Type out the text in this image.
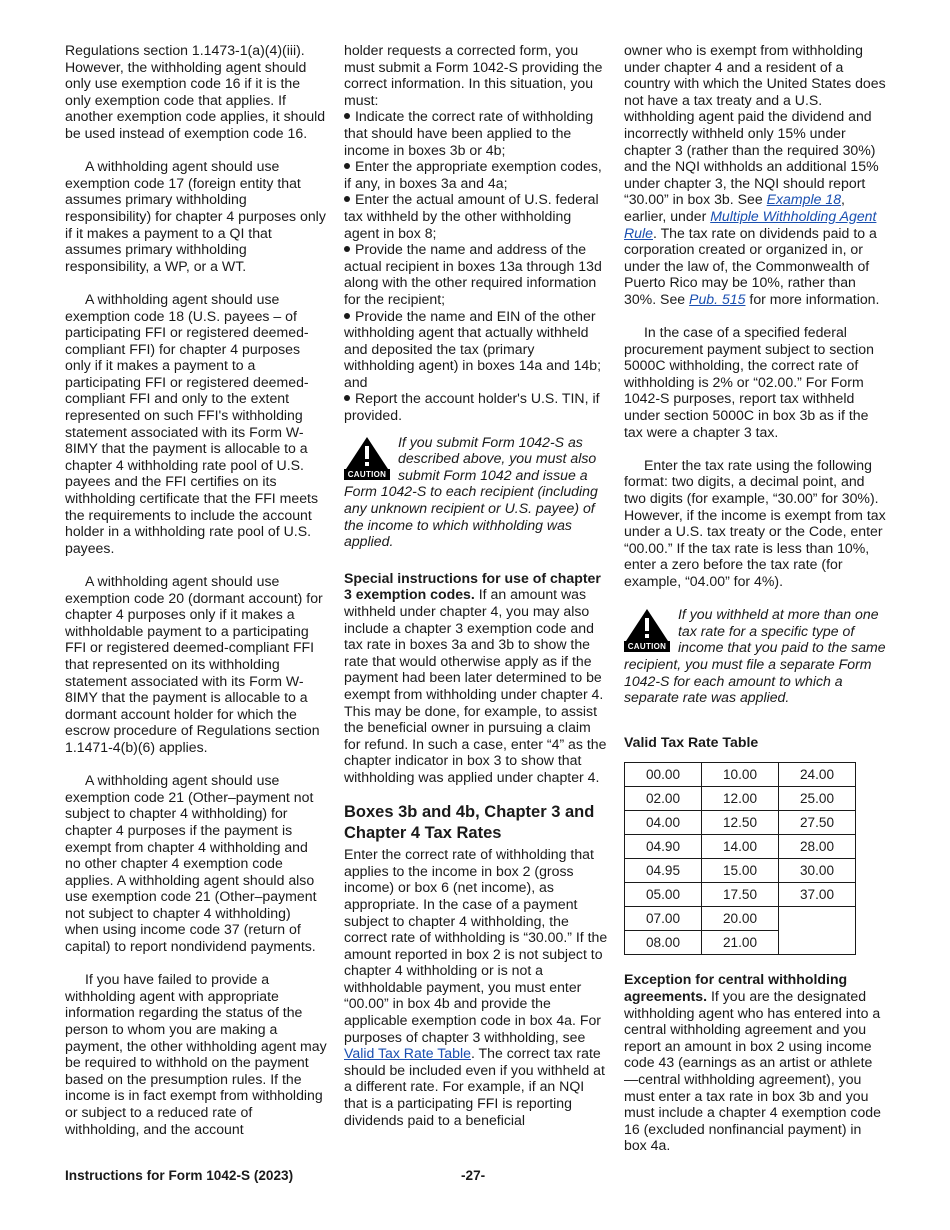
Regulations section 1.1473-1(a)(4)(iii). However, the withholding agent should only use exemption code 16 if it is the only exemption code that applies. If another exemption code applies, it should be used instead of exemption code 16.

A withholding agent should use exemption code 17 (foreign entity that assumes primary withholding responsibility) for chapter 4 purposes only if it makes a payment to a QI that assumes primary withholding responsibility, a WP, or a WT.

A withholding agent should use exemption code 18 (U.S. payees – of participating FFI or registered deemed-compliant FFI) for chapter 4 purposes only if it makes a payment to a participating FFI or registered deemed-compliant FFI and only to the extent represented on such FFI's withholding statement associated with its Form W-8IMY that the payment is allocable to a chapter 4 withholding rate pool of U.S. payees and the FFI certifies on its withholding certificate that the FFI meets the requirements to include the account holder in a withholding rate pool of U.S. payees.

A withholding agent should use exemption code 20 (dormant account) for chapter 4 purposes only if it makes a withholdable payment to a participating FFI or registered deemed-compliant FFI that represented on its withholding statement associated with its Form W-8IMY that the payment is allocable to a dormant account holder for which the escrow procedure of Regulations section 1.1471-4(b)(6) applies.

A withholding agent should use exemption code 21 (Other–payment not subject to chapter 4 withholding) for chapter 4 purposes if the payment is exempt from chapter 4 withholding and no other chapter 4 exemption code applies. A withholding agent should also use exemption code 21 (Other–payment not subject to chapter 4 withholding) when using income code 37 (return of capital) to report nondividend payments.

If you have failed to provide a withholding agent with appropriate information regarding the status of the person to whom you are making a payment, the other withholding agent may be required to withhold on the payment based on the presumption rules. If the income is in fact exempt from withholding or subject to a reduced rate of withholding, and the account

holder requests a corrected form, you must submit a Form 1042-S providing the correct information. In this situation, you must:

Indicate the correct rate of withholding that should have been applied to the income in boxes 3b or 4b;
Enter the appropriate exemption codes, if any, in boxes 3a and 4a;
Enter the actual amount of U.S. federal tax withheld by the other withholding agent in box 8;
Provide the name and address of the actual recipient in boxes 13a through 13d along with the other required information for the recipient;
Provide the name and EIN of the other withholding agent that actually withheld and deposited the tax (primary withholding agent) in boxes 14a and 14b; and
Report the account holder's U.S. TIN, if provided.
CAUTION
If you submit Form 1042-S as described above, you must also submit Form 1042 and issue a Form 1042-S to each recipient (including any unknown recipient or U.S. payee) of the income to which withholding was applied.

Special instructions for use of chapter 3 exemption codes. If an amount was withheld under chapter 4, you may also include a chapter 3 exemption code and tax rate in boxes 3a and 3b to show the rate that would otherwise apply as if the payment had been later determined to be exempt from withholding under chapter 4. This may be done, for example, to assist the beneficial owner in pursuing a claim for refund. In such a case, enter “4” as the chapter indicator in box 3 to show that withholding was applied under chapter 4.

Boxes 3b and 4b, Chapter 3 and Chapter 4 Tax Rates

Enter the correct rate of withholding that applies to the income in box 2 (gross income) or box 6 (net income), as appropriate. In the case of a payment subject to chapter 4 withholding, the correct rate of withholding is “30.00.” If the amount reported in box 2 is not subject to chapter 4 withholding or is not a withholdable payment, you must enter “00.00” in box 4b and provide the applicable exemption code in box 4a. For purposes of chapter 3 withholding, see Valid Tax Rate Table. The correct tax rate should be included even if you withheld at a different rate. For example, if an NQI that is a participating FFI is reporting dividends paid to a beneficial

owner who is exempt from withholding under chapter 4 and a resident of a country with which the United States does not have a tax treaty and a U.S. withholding agent paid the dividend and incorrectly withheld only 15% under chapter 3 (rather than the required 30%) and the NQI withholds an additional 15% under chapter 3, the NQI should report “30.00” in box 3b. See Example 18, earlier, under Multiple Withholding Agent Rule. The tax rate on dividends paid to a corporation created or organized in, or under the law of, the Commonwealth of Puerto Rico may be 10%, rather than 30%. See Pub. 515 for more information.

In the case of a specified federal procurement payment subject to section 5000C withholding, the correct rate of withholding is 2% or “02.00.” For Form 1042-S purposes, report tax withheld under section 5000C in box 3b as if the tax were a chapter 3 tax.

Enter the tax rate using the following format: two digits, a decimal point, and two digits (for example, “30.00” for 30%). However, if the income is exempt from tax under a U.S. tax treaty or the Code, enter “00.00.” If the tax rate is less than 10%, enter a zero before the tax rate (for example, “04.00” for 4%).

CAUTION
If you withheld at more than one tax rate for a specific type of income that you paid to the same recipient, you must file a separate Form 1042-S for each amount to which a separate rate was applied.
Valid Tax Rate Table
00.00	10.00	24.00
02.00	12.00	25.00
04.00	12.50	27.50
04.90	14.00	28.00
04.95	15.00	30.00
05.00	17.50	37.00
07.00	20.00	
08.00	21.00	

Exception for central withholding agreements. If you are the designated withholding agent who has entered into a central withholding agreement and you report an amount in box 2 using income code 43 (earnings as an artist or athlete—central withholding agreement), you must enter a tax rate in box 3b and you must include a chapter 4 exemption code 16 (excluded nonfinancial payment) in box 4a.

Instructions for Form 1042-S (2023)	-27-
